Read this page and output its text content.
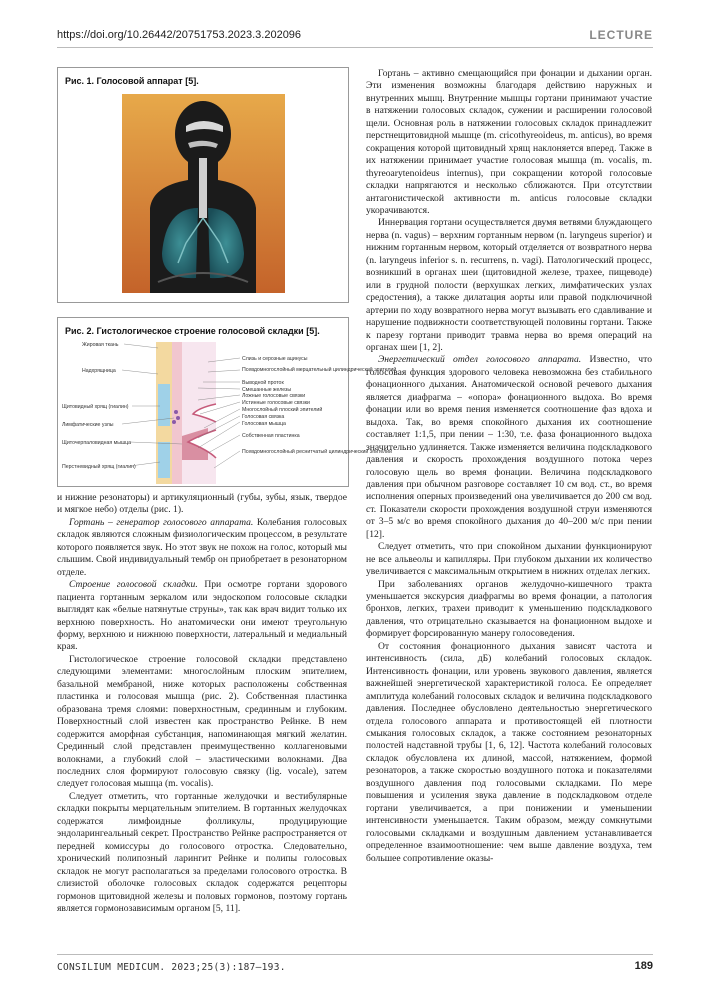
https://doi.org/10.26442/20751753.2023.3.202096	LECTURE
Рис. 1. Голосовой аппарат [5].
Рис. 2. Гистологическое строение голосовой складки [5].
Жировая ткань
Надхрящница
Щитовидный хрящ (гиалин)
Лимфатические узлы
Щиточерпаловидная мышца
Перстневидный хрящ (гиалин)
Слизь и серозные ацинусы
Псевдомногослойный мерцательный цилиндрический эпителий
Выводной проток
Смешанные железы
Ложные голосовые связки
Истинные голосовые связки
Многослойный плоский эпителий
Голосовая связка
Голосовая мышца
Собственная пластинка
Псевдомногослойный реснитчатый цилиндрический эпителий

и нижние резонаторы) и артикуляционный (губы, зубы, язык, твердое и мягкое небо) отделы (рис. 1).

Гортань – генератор голосового аппарата. Колебания голосовых складок являются сложным физиологическим процессом, в результате которого появляется звук. Но этот звук не похож на голос, который мы слышим. Свой индивидуальный тембр он приобретает в резонаторном отделе.

Строение голосовой складки. При осмотре гортани здорового пациента гортанным зеркалом или эндоскопом голосовые складки выглядят как «белые натянутые струны», так как врач видит только их верхнюю поверхность. Но анатомически они имеют треугольную форму, верхнюю и нижнюю поверхности, латеральный и медиальный края.

Гистологическое строение голосовой складки представлено следующими элементами: многослойным плоским эпителием, базальной мембраной, ниже которых расположены собственная пластинка и голосовая мышца (рис. 2). Собственная пластинка образована тремя слоями: поверхностным, срединным и глубоким. Поверхностный слой известен как пространство Рейнке. В нем содержится аморфная субстанция, напоминающая мягкий желатин. Срединный слой представлен преимущественно коллагеновыми волокнами, а глубокий слой – эластическими волокнами. Два последних слоя формируют голосовую связку (lig. vocale), затем следует голосовая мышца (m. vocalis).

Следует отметить, что гортанные желудочки и вестибулярные складки покрыты мерцательным эпителием. В гортанных желудочках содержатся лимфоидные фолликулы, продуцирующие эндоларингеальный секрет. Пространство Рейнке распространяется от передней комиссуры до голосового отростка. Следовательно, хронический полипозный ларингит Рейнке и полипы голосовых складок не могут располагаться за пределами голосового отростка. В слизистой оболочке голосовых складок содержатся рецепторы гормонов щитовидной железы и половых гормонов, поэтому гортань является гормонозависимым органом [5, 11].

Гортань – активно смещающийся при фонации и дыхании орган. Эти изменения возможны благодаря действию наружных и внутренних мышц. Внутренние мышцы гортани принимают участие в натяжении голосовых складок, сужении и расширении голосовой щели. Основная роль в натяжении голосовых складок принадлежит перстнещитовидной мышце (m. cricothyreoideus, m. anticus), во время сокращения которой щитовидный хрящ наклоняется вперед. Также в их натяжении принимает участие голосовая мышца (m. vocalis, m. thyreoarytenoideus internus), при сокращении которой голосовые складки напрягаются и несколько сближаются. При отсутствии антагонистической активности m. anticus голосовые складки укорачиваются.

Иннервация гортани осуществляется двумя ветвями блуждающего нерва (n. vagus) – верхним гортанным нервом (n. laryngeus superior) и нижним гортанным нервом, который отделяется от возвратного нерва (n. laryngeus inferior s. n. recurrens, n. vagi). Патологический процесс, возникший в органах шеи (щитовидной железе, трахее, пищеводе) или в грудной полости (верхушках легких, лимфатических узлах средостения), а также дилатация аорты или правой подключичной артерии по ходу возвратного нерва могут вызывать его сдавливание и нарушение подвижности соответствующей половины гортани. Также к парезу гортани приводит травма нерва во время операций на органах шеи [1, 2].

Энергетический отдел голосового аппарата. Известно, что голосовая функция здорового человека невозможна без стабильного фонационного дыхания. Анатомической основой речевого дыхания является диафрагма – «опора» фонационного выдоха. Во время фонации или во время пения изменяется соотношение фаз вдоха и выдоха. Так, во время спокойного дыхания их соотношение составляет 1:1,5, при пении – 1:30, т.е. фаза фонационного выдоха значительно удлиняется. Также изменяется величина подскладкового давления и скорость прохождения воздушного потока через голосовую щель во время фонации. Величина подскладкового давления при обычном разговоре составляет 10 см вод. ст., во время исполнения оперных произведений она увеличивается до 200 см вод. ст. Показатели скорости прохождения воздушной струи изменяются от 3–5 м/с во время спокойного дыхания до 40–200 м/с при пении [12].

Следует отметить, что при спокойном дыхании функционируют не все альвеолы и капилляры. При глубоком дыхании их количество увеличивается с максимальным открытием в нижних отделах легких.

При заболеваниях органов желудочно-кишечного тракта уменьшается экскурсия диафрагмы во время фонации, а патология бронхов, легких, трахеи приводит к уменьшению подскладкового давления, что отрицательно сказывается на фонационном выдохе и формирует форсированную манеру голосоведения.

От состояния фонационного дыхания зависят частота и интенсивность (сила, дБ) колебаний голосовых складок. Интенсивность фонации, или уровень звукового давления, является важнейшей энергетической характеристикой голоса. Ее определяет амплитуда колебаний голосовых складок и величина подскладкового давления. Последнее обусловлено деятельностью энергетического отдела голосового аппарата и противостоящей ей плотности смыкания голосовых складок, а также состоянием резонаторных полостей надставной трубы [1, 6, 12]. Частота колебаний голосовых складок обусловлена их длиной, массой, натяжением, формой резонаторов, а также скоростью воздушного потока и показателями воздушного давления под голосовыми складками. По мере повышения и усиления звука давление в подскладковом отделе гортани увеличивается, а при понижении и уменьшении интенсивности уменьшается. Таким образом, между сомкнутыми голосовыми складками и воздушным давлением устанавливается определенное взаимоотношение: чем выше давление воздуха, тем большее сопротивление оказы-

CONSILIUM MEDICUM. 2023;25(3):187–193.	189
